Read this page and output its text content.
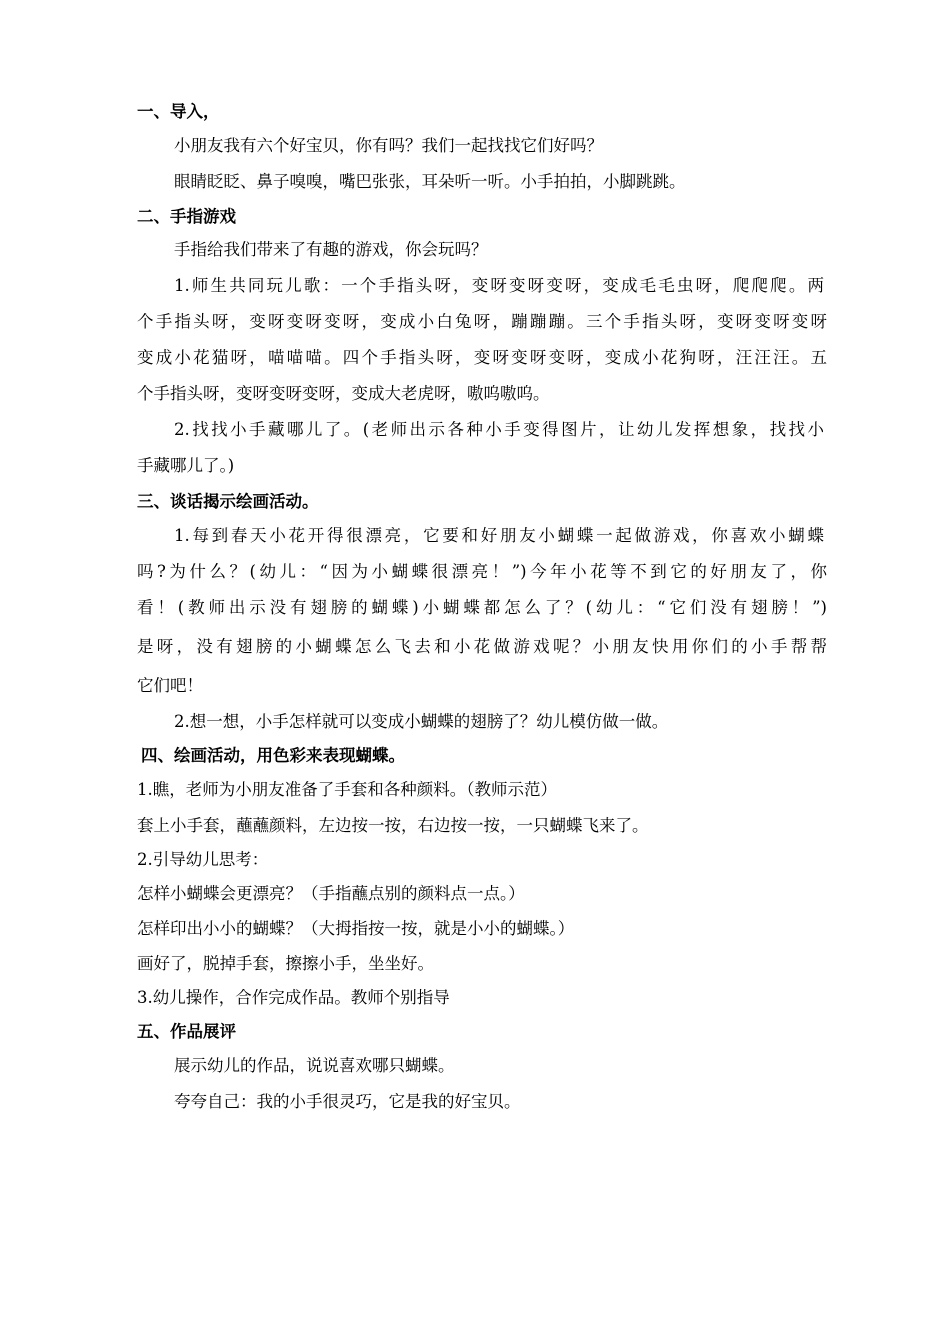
一、导入，
小朋友我有六个好宝贝，你有吗？我们一起找找它们好吗？
眼睛眨眨、鼻子嗅嗅，嘴巴张张，耳朵听一听。小手拍拍，小脚跳跳。
二、手指游戏
手指给我们带来了有趣的游戏，你会玩吗？
1.师生共同玩儿歌：一个手指头呀，变呀变呀变呀，变成毛毛虫呀，爬爬爬。两
个手指头呀，变呀变呀变呀，变成小白兔呀，蹦蹦蹦。三个手指头呀，变呀变呀变呀
变成小花猫呀，喵喵喵。四个手指头呀，变呀变呀变呀，变成小花狗呀，汪汪汪。五
个手指头呀，变呀变呀变呀，变成大老虎呀，嗷呜嗷呜。
2.找找小手藏哪儿了。(老师出示各种小手变得图片，让幼儿发挥想象，找找小
手藏哪儿了。)
三、谈话揭示绘画活动。
1.每到春天小花开得很漂亮，它要和好朋友小蝴蝶一起做游戏，你喜欢小蝴蝶
吗?为什么？(幼儿：“因为小蝴蝶很漂亮！”)今年小花等不到它的好朋友了，你
看！(教师出示没有翅膀的蝴蝶)小蝴蝶都怎么了？(幼儿：“它们没有翅膀！”)
是呀，没有翅膀的小蝴蝶怎么飞去和小花做游戏呢？小朋友快用你们的小手帮帮
它们吧！
2.想一想，小手怎样就可以变成小蝴蝶的翅膀了？幼儿模仿做一做。
四、绘画活动，用色彩来表现蝴蝶。
1.瞧，老师为小朋友准备了手套和各种颜料。（教师示范）
套上小手套，蘸蘸颜料，左边按一按，右边按一按，一只蝴蝶飞来了。
2.引导幼儿思考：
怎样小蝴蝶会更漂亮？（手指蘸点别的颜料点一点。）
怎样印出小小的蝴蝶？（大拇指按一按，就是小小的蝴蝶。）
画好了，脱掉手套，擦擦小手，坐坐好。
3.幼儿操作，合作完成作品。教师个别指导
五、作品展评
展示幼儿的作品，说说喜欢哪只蝴蝶。
夸夸自己：我的小手很灵巧，它是我的好宝贝。
